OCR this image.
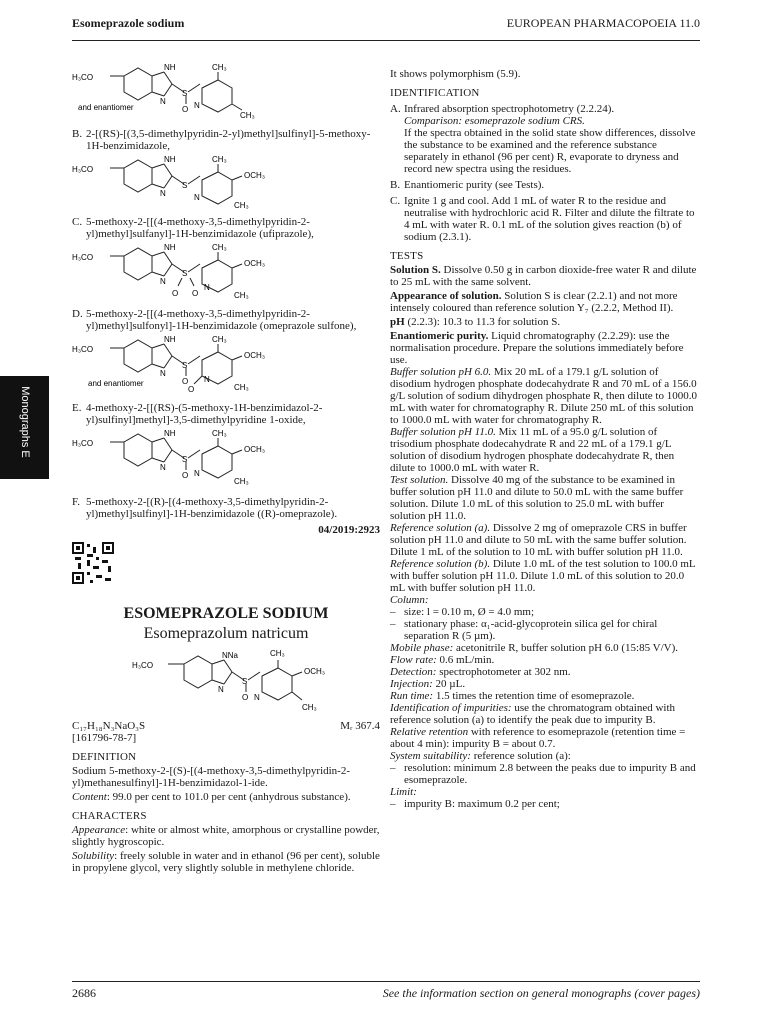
Esomeprazole sodium	EUROPEAN PHARMACOPOEIA 11.0
Monographs E
H₃CO
NH
N
S
O
CH₃
N
CH₃
and enantiomer
B. 2-[(RS)-[(3,5-dimethylpyridin-2-yl)methyl]sulfinyl]-5-methoxy-1H-benzimidazole,
H₃CO
NH
N
S
CH₃
OCH₃
N
CH₃
C. 5-methoxy-2-[[(4-methoxy-3,5-dimethylpyridin-2-yl)methyl]sulfanyl]-1H-benzimidazole (ufiprazole),
H₃CO
NH
N
S
O O
CH₃
OCH₃
N
CH₃
D. 5-methoxy-2-[[(4-methoxy-3,5-dimethylpyridin-2-yl)methyl]sulfonyl]-1H-benzimidazole (omeprazole sulfone),
H₃CO
NH
N
S
O
CH₃
OCH₃
N
O	CH₃
and enantiomer
E. 4-methoxy-2-[[(RS)-(5-methoxy-1H-benzimidazol-2-yl)sulfinyl]methyl]-3,5-dimethylpyridine 1-oxide,
H₃CO
NH
N
S
O
CH₃
OCH₃
N
CH₃
F. 5-methoxy-2-[(R)-[(4-methoxy-3,5-dimethylpyridin-2-yl)methyl]sulfinyl]-1H-benzimidazole ((R)-omeprazole).
04/2019:2923
ESOMEPRAZOLE SODIUM
Esomeprazolum natricum
H₃CO
NNa
N
S
O
CH₃
OCH₃
N
CH₃
C₁₇H₁₈N₃NaO₃S	Mᵣ 367.4
[161796-78-7]
DEFINITION
Sodium 5-methoxy-2-[(S)-[(4-methoxy-3,5-dimethylpyridin-2-yl)methanesulfinyl]-1H-benzimidazol-1-ide.
Content: 99.0 per cent to 101.0 per cent (anhydrous substance).
CHARACTERS
Appearance: white or almost white, amorphous or crystalline powder, slightly hygroscopic.
Solubility: freely soluble in water and in ethanol (96 per cent), soluble in propylene glycol, very slightly soluble in methylene chloride.
It shows polymorphism (5.9).
IDENTIFICATION
A. Infrared absorption spectrophotometry (2.2.24).
Comparison: esomeprazole sodium CRS.
If the spectra obtained in the solid state show differences, dissolve the substance to be examined and the reference substance separately in ethanol (96 per cent) R, evaporate to dryness and record new spectra using the residues.
B. Enantiomeric purity (see Tests).
C. Ignite 1 g and cool. Add 1 mL of water R to the residue and neutralise with hydrochloric acid R. Filter and dilute the filtrate to 4 mL with water R. 0.1 mL of the solution gives reaction (b) of sodium (2.3.1).
TESTS
Solution S. Dissolve 0.50 g in carbon dioxide-free water R and dilute to 25 mL with the same solvent.
Appearance of solution. Solution S is clear (2.2.1) and not more intensely coloured than reference solution Y₇ (2.2.2, Method II).
pH (2.2.3): 10.3 to 11.3 for solution S.
Enantiomeric purity. Liquid chromatography (2.2.29): use the normalisation procedure. Prepare the solutions immediately before use.
Buffer solution pH 6.0. Mix 20 mL of a 179.1 g/L solution of disodium hydrogen phosphate dodecahydrate R and 70 mL of a 156.0 g/L solution of sodium dihydrogen phosphate R, then dilute to 1000.0 mL with water for chromatography R. Dilute 250 mL of this solution to 1000.0 mL with water for chromatography R.
Buffer solution pH 11.0. Mix 11 mL of a 95.0 g/L solution of trisodium phosphate dodecahydrate R and 22 mL of a 179.1 g/L solution of disodium hydrogen phosphate dodecahydrate R, then dilute to 1000.0 mL with water R.
Test solution. Dissolve 40 mg of the substance to be examined in buffer solution pH 11.0 and dilute to 50.0 mL with the same buffer solution. Dilute 1.0 mL of this solution to 25.0 mL with buffer solution pH 11.0.
Reference solution (a). Dissolve 2 mg of omeprazole CRS in buffer solution pH 11.0 and dilute to 50 mL with the same buffer solution. Dilute 1 mL of the solution to 10 mL with buffer solution pH 11.0.
Reference solution (b). Dilute 1.0 mL of the test solution to 100.0 mL with buffer solution pH 11.0. Dilute 1.0 mL of this solution to 20.0 mL with buffer solution pH 11.0.
Column:
– size: l = 0.10 m, Ø = 4.0 mm;
– stationary phase: α₁-acid-glycoprotein silica gel for chiral separation R (5 µm).
Mobile phase: acetonitrile R, buffer solution pH 6.0 (15:85 V/V).
Flow rate: 0.6 mL/min.
Detection: spectrophotometer at 302 nm.
Injection: 20 µL.
Run time: 1.5 times the retention time of esomeprazole.
Identification of impurities: use the chromatogram obtained with reference solution (a) to identify the peak due to impurity B.
Relative retention with reference to esomeprazole (retention time = about 4 min): impurity B = about 0.7.
System suitability: reference solution (a):
– resolution: minimum 2.8 between the peaks due to impurity B and esomeprazole.
Limit:
– impurity B: maximum 0.2 per cent;
2686	See the information section on general monographs (cover pages)
